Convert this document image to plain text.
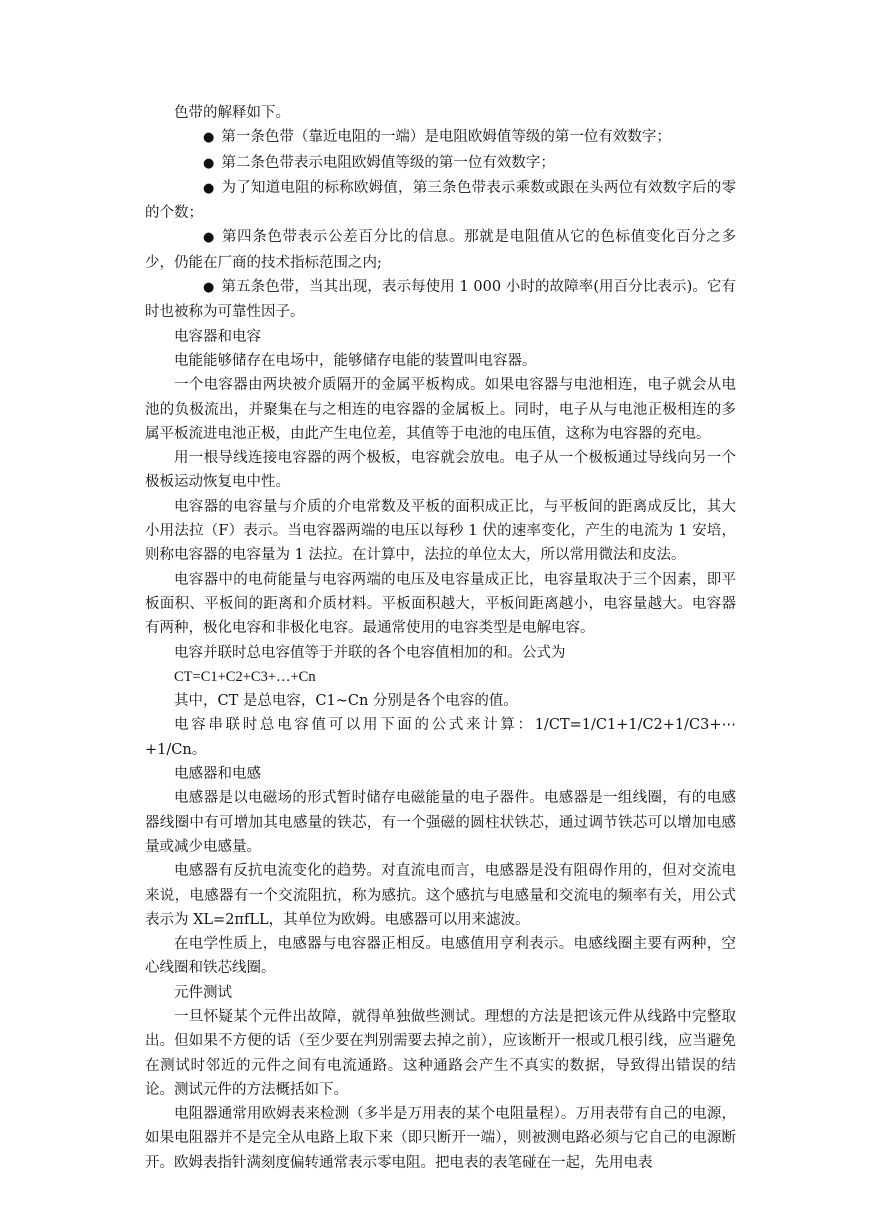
色带的解释如下。

● 第一条色带（靠近电阻的一端）是电阻欧姆值等级的第一位有效数字；

● 第二条色带表示电阻欧姆值等级的第一位有效数字；

● 为了知道电阻的标称欧姆值，第三条色带表示乘数或跟在头两位有效数字后的零的个数；

● 第四条色带表示公差百分比的信息。那就是电阻值从它的色标值变化百分之多少，仍能在厂商的技术指标范围之内;

● 第五条色带，当其出现，表示每使用 1 000 小时的故障率(用百分比表示)。它有时也被称为可靠性因子。

电容器和电容

电能能够储存在电场中，能够储存电能的装置叫电容器。

一个电容器由两块被介质隔开的金属平板构成。如果电容器与电池相连，电子就会从电池的负极流出，并聚集在与之相连的电容器的金属板上。同时，电子从与电池正极相连的多属平板流进电池正极，由此产生电位差，其值等于电池的电压值，这称为电容器的充电。

用一根导线连接电容器的两个极板，电容就会放电。电子从一个极板通过导线向另一个极板运动恢复电中性。

电容器的电容量与介质的介电常数及平板的面积成正比，与平板间的距离成反比，其大小用法拉（F）表示。当电容器两端的电压以每秒 1 伏的速率变化，产生的电流为 1 安培，则称电容器的电容量为 1 法拉。在计算中，法拉的单位太大，所以常用微法和皮法。

电容器中的电荷能量与电容两端的电压及电容量成正比，电容量取决于三个因素，即平板面积、平板间的距离和介质材料。平板面积越大，平板间距离越小，电容量越大。电容器有两种，极化电容和非极化电容。最通常使用的电容类型是电解电容。

电容并联时总电容值等于并联的各个电容值相加的和。公式为

CT=C1+C2+C3+…+Cn

其中，CT 是总电容，C1~Cn 分别是各个电容的值。

电容串联时总电容值可以用下面的公式来计算：1/CT=1/C1+1/C2+1/C3+⋯+1/Cn。

电感器和电感

电感器是以电磁场的形式暂时储存电磁能量的电子器件。电感器是一组线圈，有的电感器线圈中有可增加其电感量的铁芯，有一个强磁的圆柱状铁芯，通过调节铁芯可以增加电感量或减少电感量。

电感器有反抗电流变化的趋势。对直流电而言，电感器是没有阻碍作用的，但对交流电来说，电感器有一个交流阻抗，称为感抗。这个感抗与电感量和交流电的频率有关，用公式表示为 XL=2πfLL，其单位为欧姆。电感器可以用来滤波。

在电学性质上，电感器与电容器正相反。电感值用亨利表示。电感线圈主要有两种，空心线圈和铁芯线圈。

元件测试

一旦怀疑某个元件出故障，就得单独做些测试。理想的方法是把该元件从线路中完整取出。但如果不方便的话（至少要在判别需要去掉之前），应该断开一根或几根引线，应当避免在测试时邻近的元件之间有电流通路。这种通路会产生不真实的数据，导致得出错误的结论。测试元件的方法概括如下。

电阻器通常用欧姆表来检测（多半是万用表的某个电阻量程）。万用表带有自己的电源，如果电阻器并不是完全从电路上取下来（即只断开一端），则被测电路必须与它自己的电源断开。欧姆表指针满刻度偏转通常表示零电阻。把电表的表笔碰在一起，先用电表
